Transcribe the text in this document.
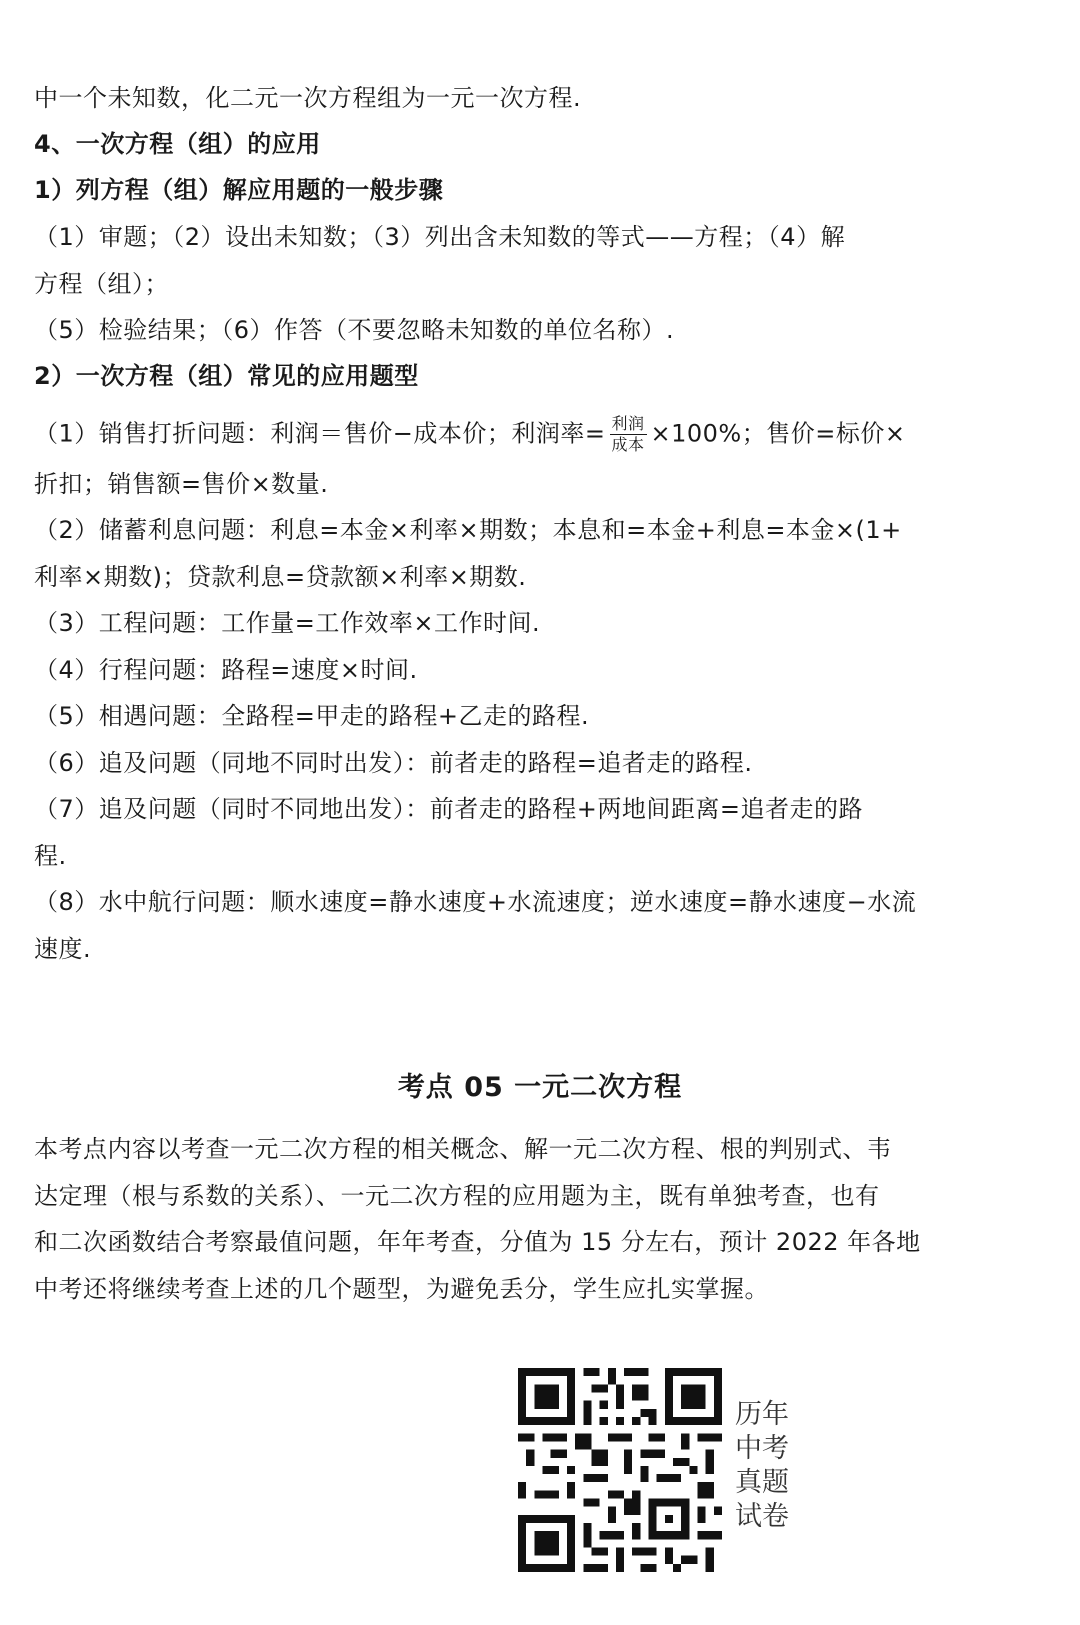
中一个未知数，化二元一次方程组为一元一次方程.
4、一次方程（组）的应用
1）列方程（组）解应用题的一般步骤
（1）审题；（2）设出未知数；（3）列出含未知数的等式——方程；（4）解
方程（组）；
（5）检验结果；（6）作答（不要忽略未知数的单位名称）.
2）一次方程（组）常见的应用题型
（1）销售打折问题：利润＝售价−成本价；利润率= $\frac{\text{利润}}{\text{成本}} \times 100\%$；售价=标价×
折扣；销售额=售价×数量.
（2）储蓄利息问题：利息=本金×利率×期数；本息和=本金+利息=本金×(1+
利率×期数)；贷款利息=贷款额×利率×期数.
（3）工程问题：工作量=工作效率×工作时间.
（4）行程问题：路程=速度×时间.
（5）相遇问题：全路程=甲走的路程+乙走的路程.
（6）追及问题（同地不同时出发）：前者走的路程=追者走的路程.
（7）追及问题（同时不同地出发）：前者走的路程+两地间距离=追者走的路
程.
（8）水中航行问题：顺水速度=静水速度+水流速度；逆水速度=静水速度−水流
速度.
考点 05 一元二次方程
本考点内容以考查一元二次方程的相关概念、解一元二次方程、根的判别式、韦
达定理（根与系数的关系）、一元二次方程的应用题为主，既有单独考查，也有
和二次函数结合考察最值问题，年年考查，分值为 15 分左右，预计 2022 年各地
中考还将继续考查上述的几个题型，为避免丢分，学生应扎实掌握。
历年
中考
真题
试卷
